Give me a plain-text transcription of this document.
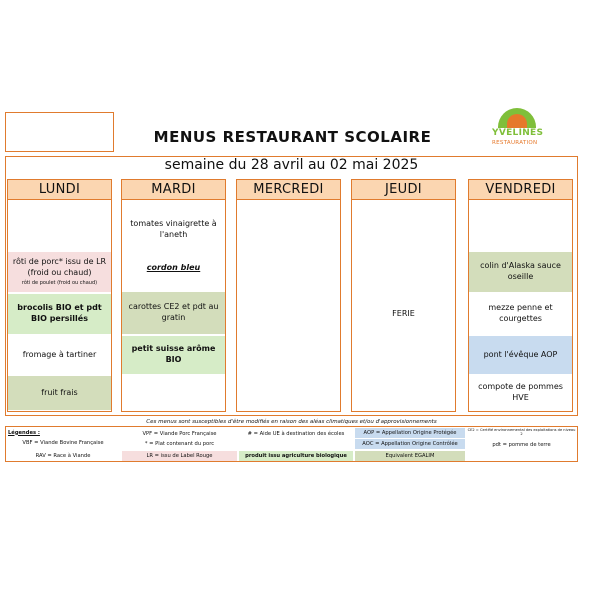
MENUS RESTAURANT SCOLAIRE	YVELINES
RESTAURATION
semaine du 28 avril au 02 mai 2025
LUNDI
rôti de porc* issu de LR (froid ou chaud)
rôti de poulet (froid ou chaud)
brocolis BIO et pdt BIO persillés
fromage à tartiner
fruit frais
MARDI
tomates vinaigrette à l'aneth
cordon bleu
carottes CE2 et pdt au gratin
petit suisse arôme BIO
MERCREDI	JEUDI
FERIE
VENDREDI
colin d'Alaska sauce oseille
mezze penne et courgettes
pont l'évêque AOP
compote de pommes HVE
Ces menus sont susceptibles d'être modifiés en raison des aléas climatiques et/ou d'approvisionnements
Légendes :
VBF = Viande Bovine Française
RAV = Race à Viande
VPF = Viande Porc Française
* = Plat contenant du porc
LR = issu de Label Rouge
# = Aide UE à destination des écoles
produit issu agriculture biologique
AOP = Appellation Origine Protégée
AOC = Appellation Origine Contrôlée
Equivalent EGALIM
CE2 = Certifié environnemental des exploitations de niveau 2
pdt = pomme de terre
